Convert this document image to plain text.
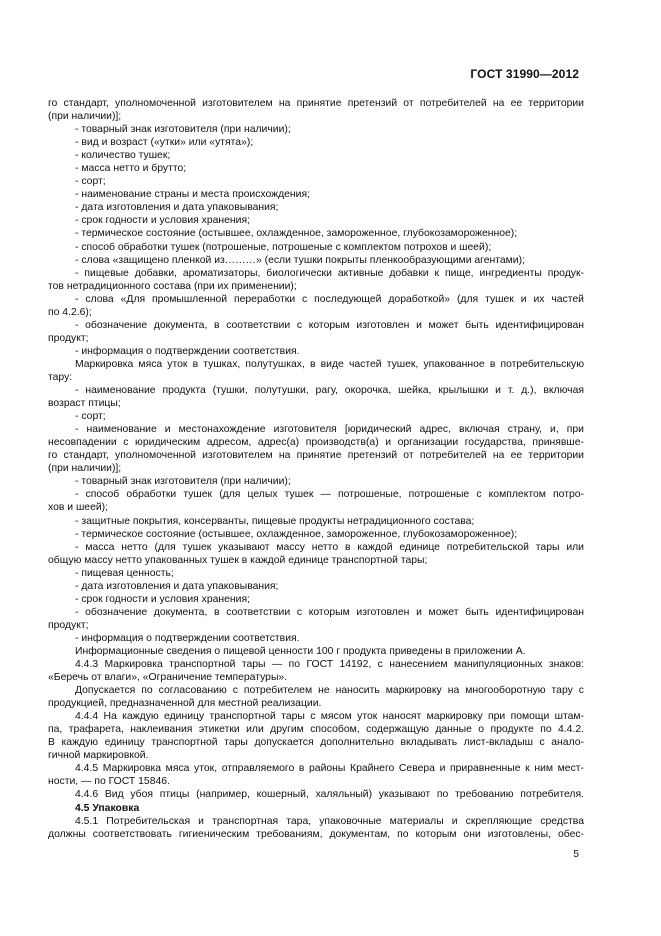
ГОСТ 31990—2012
го стандарт, уполномоченной изготовителем на принятие претензий от потребителей на ее территории
(при наличии)];
- товарный знак изготовителя (при наличии);
- вид и возраст («утки» или «утята»);
- количество тушек;
- масса нетто и брутто;
- сорт;
- наименование страны и места происхождения;
- дата изготовления и дата упаковывания;
- срок годности и условия хранения;
- термическое состояние (остывшее, охлажденное, замороженное, глубокозамороженное);
- способ обработки тушек (потрошеные, потрошеные с комплектом потрохов и шеей);
- слова «защищено пленкой из………» (если тушки покрыты пленкообразующими агентами);
- пищевые добавки, ароматизаторы, биологически активные добавки к пище, ингредиенты продук-
тов нетрадиционного состава (при их применении);
- слова «Для промышленной переработки с последующей доработкой» (для тушек и их частей
по 4.2.6);
- обозначение документа, в соответствии с которым изготовлен и может быть идентифицирован
продукт;
- информация о подтверждении соответствия.
Маркировка мяса уток в тушках, полутушках, в виде частей тушек, упакованное в потребительскую
тару:
- наименование продукта (тушки, полутушки, рагу, окорочка, шейка, крылышки и т. д.), включая
возраст птицы;
- сорт;
- наименование и местонахождение изготовителя [юридический адрес, включая страну, и, при
несовпадении с юридическим адресом, адрес(а) производств(а) и организации государства, принявше-
го стандарт, уполномоченной изготовителем на принятие претензий от потребителей на ее территории
(при наличии)];
- товарный знак изготовителя (при наличии);
- способ обработки тушек (для целых тушек — потрошеные, потрошеные с комплектом потро-
хов и шеей);
- защитные покрытия, консерванты, пищевые продукты нетрадиционного состава;
- термическое состояние (остывшее, охлажденное, замороженное, глубокозамороженное);
- масса нетто (для тушек указывают массу нетто в каждой единице потребительской тары или
общую массу нетто упакованных тушек в каждой единице транспортной тары;
- пищевая ценность;
- дата изготовления и дата упаковывания;
- срок годности и условия хранения;
- обозначение документа, в соответствии с которым изготовлен и может быть идентифицирован
продукт;
- информация о подтверждении соответствия.
Информационные сведения о пищевой ценности 100 г продукта приведены в приложении А.
4.4.3 Маркировка транспортной тары — по ГОСТ 14192, с нанесением манипуляционных знаков:
«Беречь от влаги», «Ограничение температуры».
Допускается по согласованию с потребителем не наносить маркировку на многооборотную тару с
продукцией, предназначенной для местной реализации.
4.4.4 На каждую единицу транспортной тары с мясом уток наносят маркировку при помощи штам-
па, трафарета, наклеивания этикетки или другим способом, содержащую данные о продукте по 4.4.2.
В каждую единицу транспортной тары допускается дополнительно вкладывать лист-вкладыш с анало-
гичной маркировкой.
4.4.5 Маркировка мяса уток, отправляемого в районы Крайнего Севера и приравненные к ним мест-
ности, — по ГОСТ 15846.
4.4.6 Вид убоя птицы (например, кошерный, халяльный) указывают по требованию потребителя.
4.5 Упаковка
4.5.1 Потребительская и транспортная тара, упаковочные материалы и скрепляющие средства
должны соответствовать гигиеническим требованиям, документам, по которым они изготовлены, обес-
5
